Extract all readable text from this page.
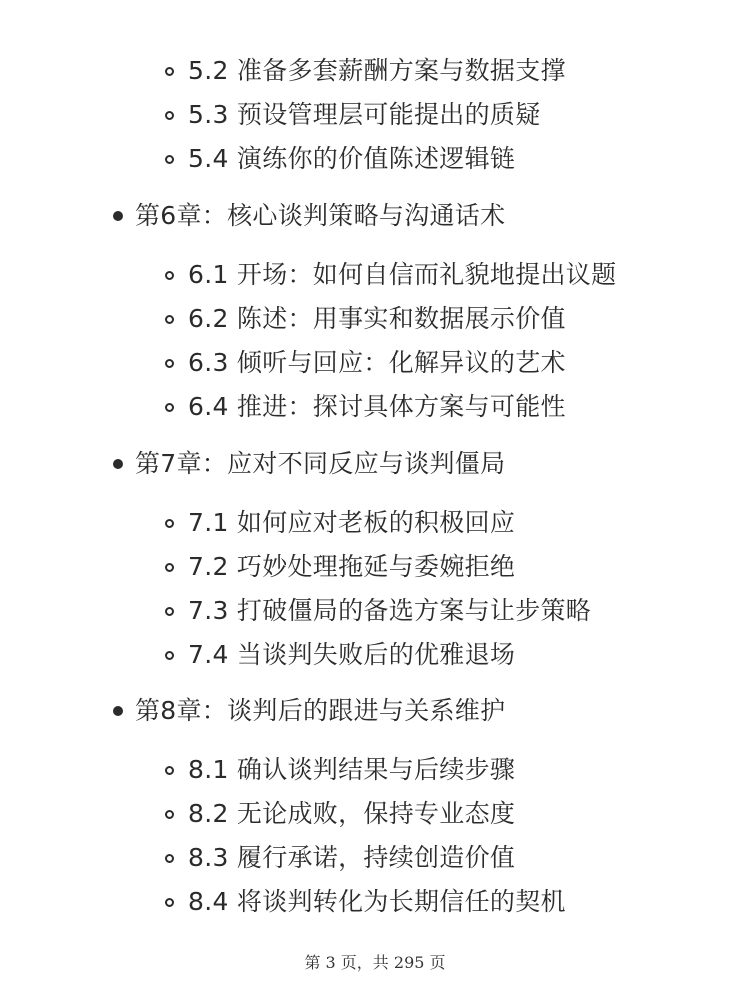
5.2 准备多套薪酬方案与数据支撑
5.3 预设管理层可能提出的质疑
5.4 演练你的价值陈述逻辑链
第6章：核心谈判策略与沟通话术
6.1 开场：如何自信而礼貌地提出议题
6.2 陈述：用事实和数据展示价值
6.3 倾听与回应：化解异议的艺术
6.4 推进：探讨具体方案与可能性
第7章：应对不同反应与谈判僵局
7.1 如何应对老板的积极回应
7.2 巧妙处理拖延与委婉拒绝
7.3 打破僵局的备选方案与让步策略
7.4 当谈判失败后的优雅退场
第8章：谈判后的跟进与关系维护
8.1 确认谈判结果与后续步骤
8.2 无论成败，保持专业态度
8.3 履行承诺，持续创造价值
8.4 将谈判转化为长期信任的契机
第 3 页，共 295 页
